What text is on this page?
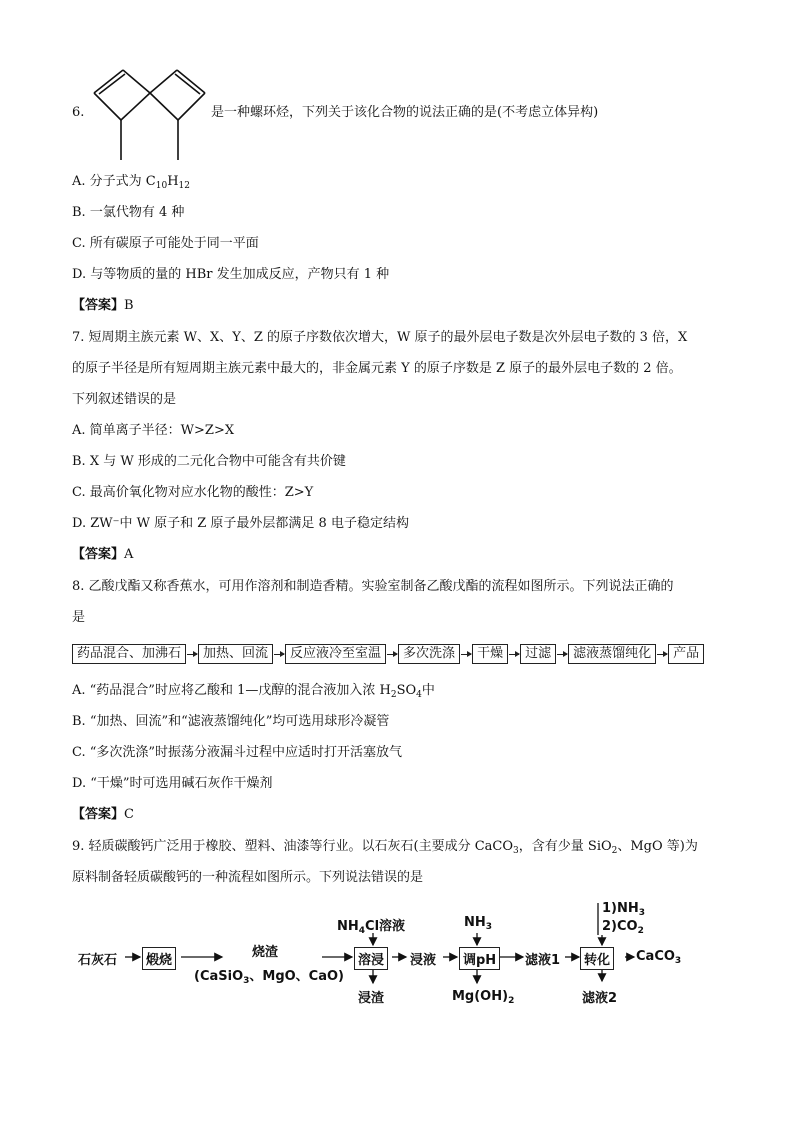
6.	是一种螺环烃，下列关于该化合物的说法正确的是(不考虑立体异构)
A. 分子式为 $C_{10}H_{12}$
B. 一氯代物有 4 种
C. 所有碳原子可能处于同一平面
D. 与等物质的量的 HBr 发生加成反应，产物只有 1 种
【答案】B
7. 短周期主族元素 W、X、Y、Z 的原子序数依次增大，W 原子的最外层电子数是次外层电子数的 3 倍，X
的原子半径是所有短周期主族元素中最大的，非金属元素 Y 的原子序数是 Z 原子的最外层电子数的 2 倍。
下列叙述错误的是
A. 简单离子半径：W>Z>X
B. X 与 W 形成的二元化合物中可能含有共价键
C. 最高价氧化物对应水化物的酸性：Z>Y
D. ZW⁻中 W 原子和 Z 原子最外层都满足 8 电子稳定结构
【答案】A
8. 乙酸戊酯又称香蕉水，可用作溶剂和制造香精。实验室制备乙酸戊酯的流程如图所示。下列说法正确的
是
药品混合、加沸石	加热、回流	反应液冷至室温	多次洗涤	干燥	过滤	滤液蒸馏纯化	产品
A. “药品混合”时应将乙酸和 1—戊醇的混合液加入浓 $H_2SO_4$中
B. “加热、回流”和“滤液蒸馏纯化”均可选用球形冷凝管
C. “多次洗涤”时振荡分液漏斗过程中应适时打开活塞放气
D. “干燥”时可选用碱石灰作干燥剂
【答案】C
9. 轻质碳酸钙广泛用于橡胶、塑料、油漆等行业。以石灰石(主要成分 CaCO$_3$，含有少量 SiO$_2$、MgO 等)为
原料制备轻质碳酸钙的一种流程如图所示。下列说法错误的是
石灰石	煅烧
烧渣
(CaSiO$_3$、MgO、CaO)
$NH_4Cl$溶液
溶浸
浸渣
浸液
$NH_3$
调pH
$Mg(OH)_2$
滤液1
$1)NH_3$
$2)CO_2$
转化	CaCO$_3$
滤液2
